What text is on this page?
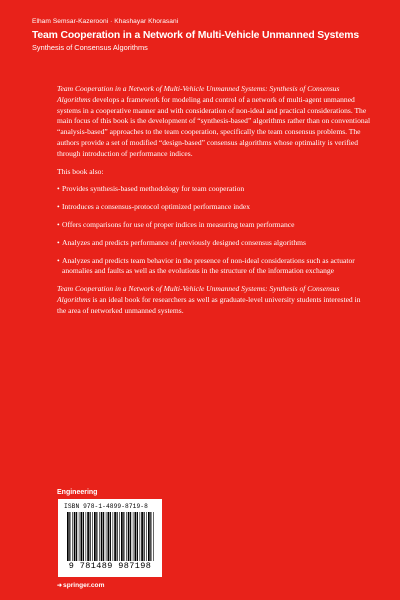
Elham Semsar-Kazerooni · Khashayar Khorasani
Team Cooperation in a Network of Multi-Vehicle Unmanned Systems
Synthesis of Consensus Algorithms

Team Cooperation in a Network of Multi-Vehicle Unmanned Systems: Synthesis of Consensus Algorithms develops a framework for modeling and control of a network of multi-agent unmanned systems in a cooperative manner and with consideration of non-ideal and practical considerations. The main focus of this book is the development of “synthesis-based” algorithms rather than on conventional “analysis-based” approaches to the team cooperation, specifically the team consensus problems. The authors provide a set of modified “design-based” consensus algorithms whose optimality is verified through introduction of performance indices.

This book also:

• Provides synthesis-based methodology for team cooperation
• Introduces a consensus-protocol optimized performance index
• Offers comparisons for use of proper indices in measuring team performance
• Analyzes and predicts performance of previously designed consensus algorithms
• Analyzes and predicts team behavior in the presence of non-ideal considerations such as actuator anomalies and faults as well as the evolutions in the structure of the information exchange

Team Cooperation in a Network of Multi-Vehicle Unmanned Systems: Synthesis of Consensus Algorithms is an ideal book for researchers as well as graduate-level university students interested in the area of networked unmanned systems.

Engineering
ISBN 978-1-4899-8719-8
9 781489 987198
➜springer.com
